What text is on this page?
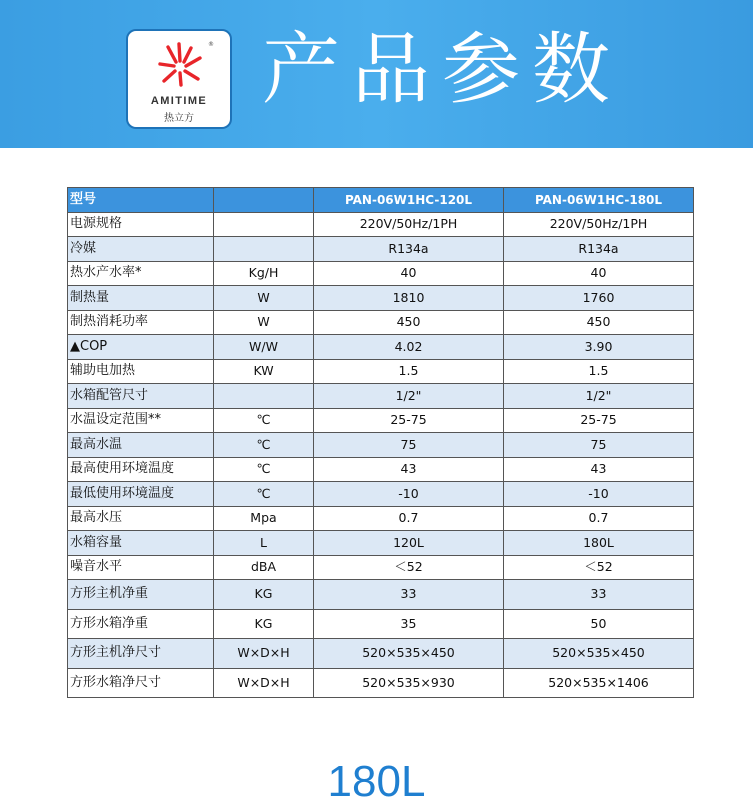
®
AMITIME
热立方
产品参数
型号		PAN-06W1HC-120L	PAN-06W1HC-180L
电源规格		220V/50Hz/1PH	220V/50Hz/1PH
冷媒		R134a	R134a
热水产水率*	Kg/H	40	40
制热量	W	1810	1760
制热消耗功率	W	450	450
▲COP	W/W	4.02	3.90
辅助电加热	KW	1.5	1.5
水箱配管尺寸		1/2"	1/2"
水温设定范围**	℃	25-75	25-75
最高水温	℃	75	75
最高使用环境温度	℃	43	43
最低使用环境温度	℃	-10	-10
最高水压	Mpa	0.7	0.7
水箱容量	L	120L	180L
噪音水平	dBA	＜52	＜52
方形主机净重	KG	33	33
方形水箱净重	KG	35	50
方形主机净尺寸	W×D×H	520×535×450	520×535×450
方形水箱净尺寸	W×D×H	520×535×930	520×535×1406
180L
